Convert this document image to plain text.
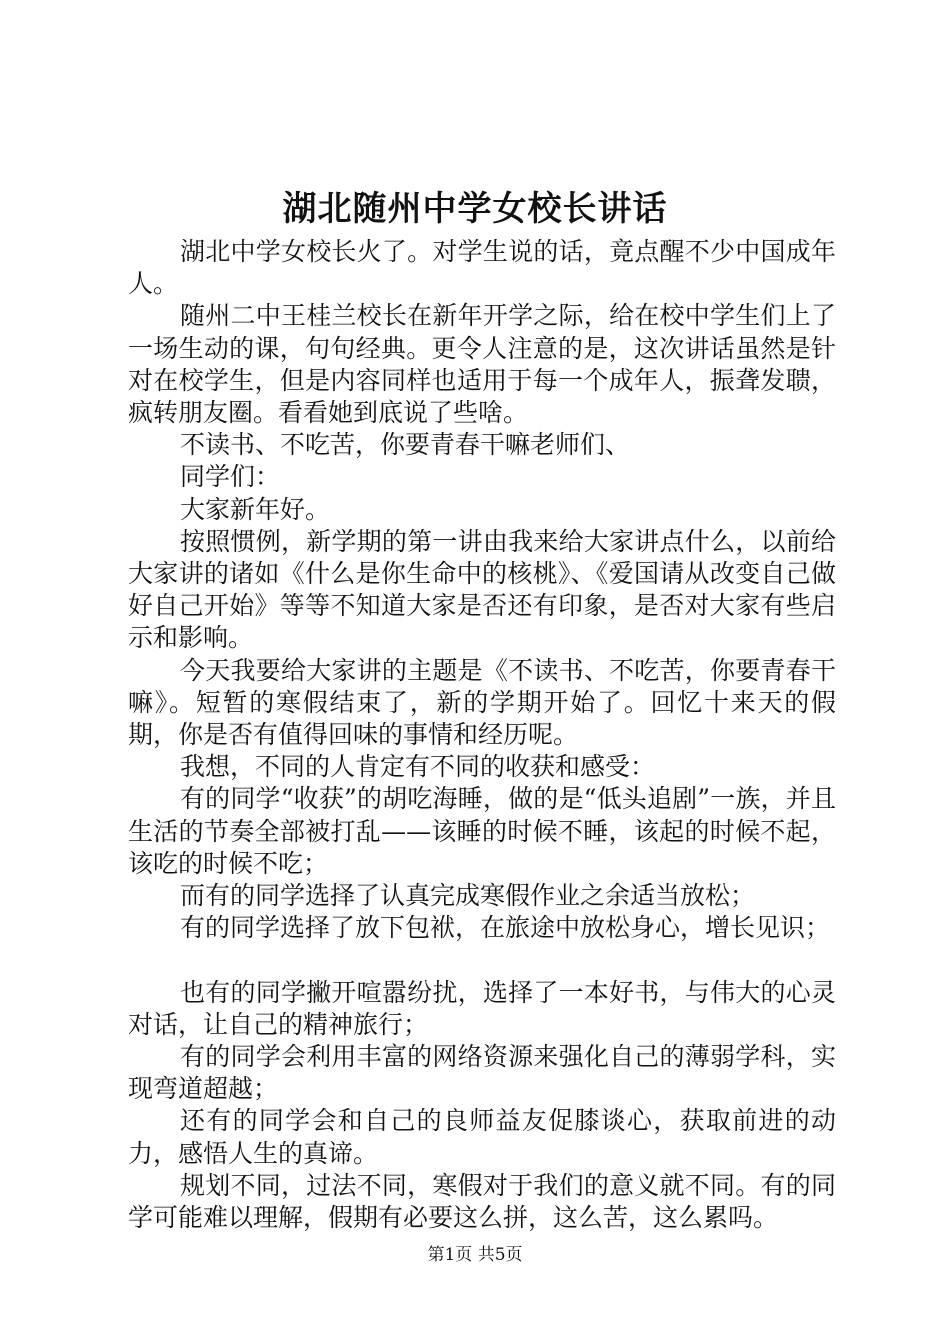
湖北随州中学女校长讲话

湖北中学女校长火了。对学生说的话，竟点醒不少中国成年人。

随州二中王桂兰校长在新年开学之际，给在校中学生们上了一场生动的课，句句经典。更令人注意的是，这次讲话虽然是针对在校学生，但是内容同样也适用于每一个成年人，振聋发聩，疯转朋友圈。看看她到底说了些啥。

不读书、不吃苦，你要青春干嘛老师们、

同学们：

大家新年好。

按照惯例，新学期的第一讲由我来给大家讲点什么，以前给大家讲的诸如《什么是你生命中的核桃》、《爱国请从改变自己做好自己开始》等等不知道大家是否还有印象，是否对大家有些启示和影响。

今天我要给大家讲的主题是《不读书、不吃苦，你要青春干嘛》。短暂的寒假结束了，新的学期开始了。回忆十来天的假期，你是否有值得回味的事情和经历呢。

我想，不同的人肯定有不同的收获和感受：

有的同学“收获”的胡吃海睡，做的是“低头追剧”一族，并且生活的节奏全部被打乱——该睡的时候不睡，该起的时候不起，该吃的时候不吃；

而有的同学选择了认真完成寒假作业之余适当放松；

有的同学选择了放下包袱，在旅途中放松身心，增长见识；

也有的同学撇开喧嚣纷扰，选择了一本好书，与伟大的心灵对话，让自己的精神旅行；

有的同学会利用丰富的网络资源来强化自己的薄弱学科，实现弯道超越；

还有的同学会和自己的良师益友促膝谈心，获取前进的动力，感悟人生的真谛。

规划不同，过法不同，寒假对于我们的意义就不同。有的同学可能难以理解，假期有必要这么拼，这么苦，这么累吗。

第1页 共5页
